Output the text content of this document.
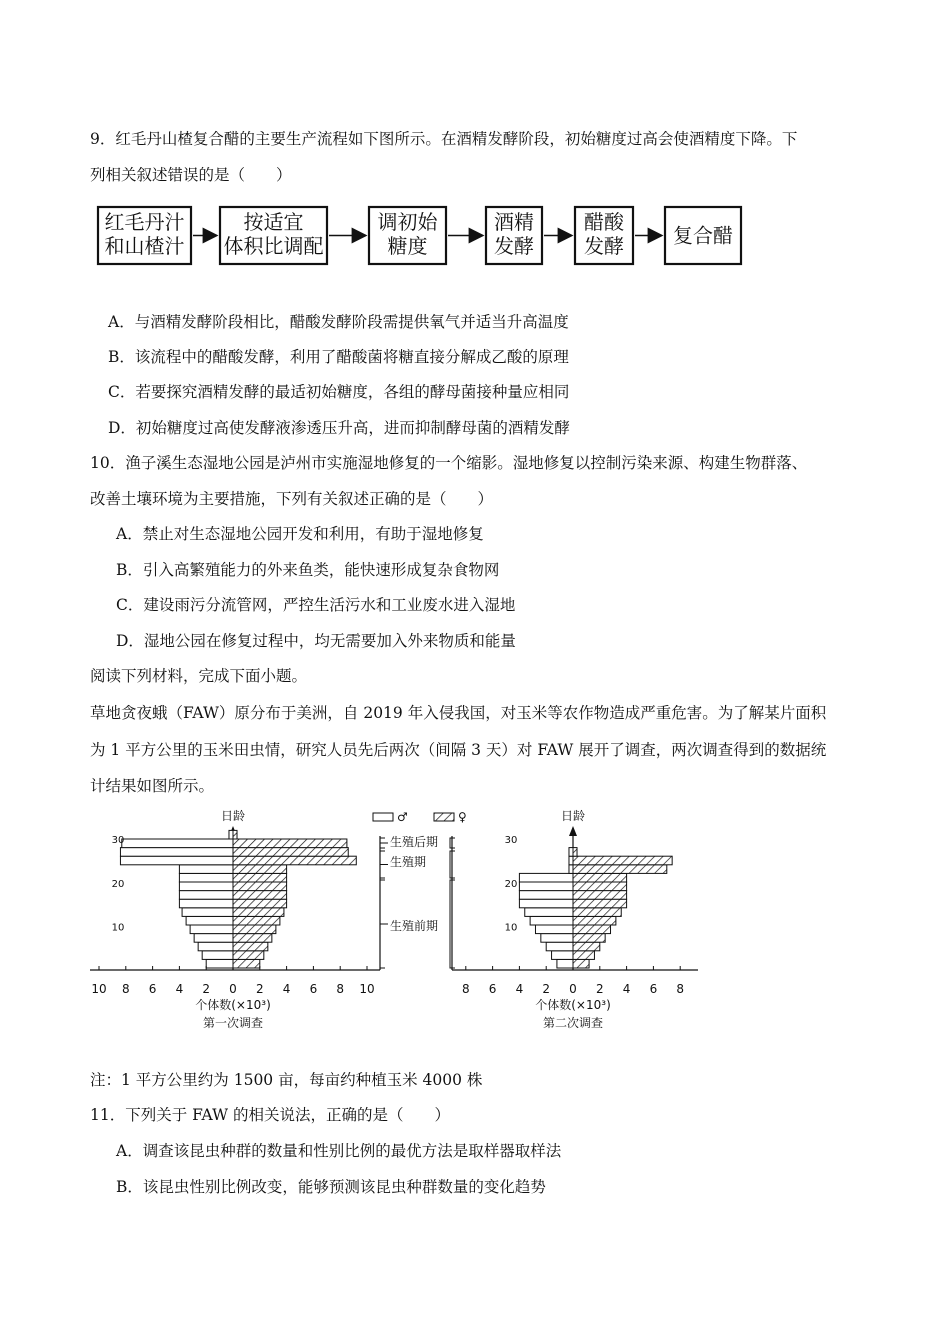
9．红毛丹山楂复合醋的主要生产流程如下图所示。在酒精发酵阶段，初始糖度过高会使酒精度下降。下
列相关叙述错误的是（　　）
红毛丹汁
和山楂汁
按适宜
体积比调配
调初始
糖度
酒精
发酵
醋酸
发酵 复合醋
A．与酒精发酵阶段相比，醋酸发酵阶段需提供氧气并适当升高温度
B．该流程中的醋酸发酵，利用了醋酸菌将糖直接分解成乙酸的原理
C．若要探究酒精发酵的最适初始糖度，各组的酵母菌接种量应相同
D．初始糖度过高使发酵液渗透压升高，进而抑制酵母菌的酒精发酵
10．渔子溪生态湿地公园是泸州市实施湿地修复的一个缩影。湿地修复以控制污染来源、构建生物群落、
改善土壤环境为主要措施，下列有关叙述正确的是（　　）
A．禁止对生态湿地公园开发和利用，有助于湿地修复
B．引入高繁殖能力的外来鱼类，能快速形成复杂食物网
C．建设雨污分流管网，严控生活污水和工业废水进入湿地
D．湿地公园在修复过程中，均无需要加入外来物质和能量
阅读下列材料，完成下面小题。
草地贪夜蛾（FAW）原分布于美洲，自 2019 年入侵我国，对玉米等农作物造成严重危害。为了解某片面积
为 1 平方公里的玉米田虫情，研究人员先后两次（间隔 3 天）对 FAW 展开了调查，两次调查得到的数据统
计结果如图所示。
日龄
10 8 6 4 2 0 2 4 6 8 10
10
20
30
个体数(×10³)
第一次调查
日龄
8 6 4 2 0 2 4 6 8
10
20
30
个体数(×10³)
第二次调查
♂	♀
生殖后期
生殖期
生殖前期
注：1 平方公里约为 1500 亩，每亩约种植玉米 4000 株
11．下列关于 FAW 的相关说法，正确的是（　　）
A．调查该昆虫种群的数量和性别比例的最优方法是取样器取样法
B．该昆虫性别比例改变，能够预测该昆虫种群数量的变化趋势
